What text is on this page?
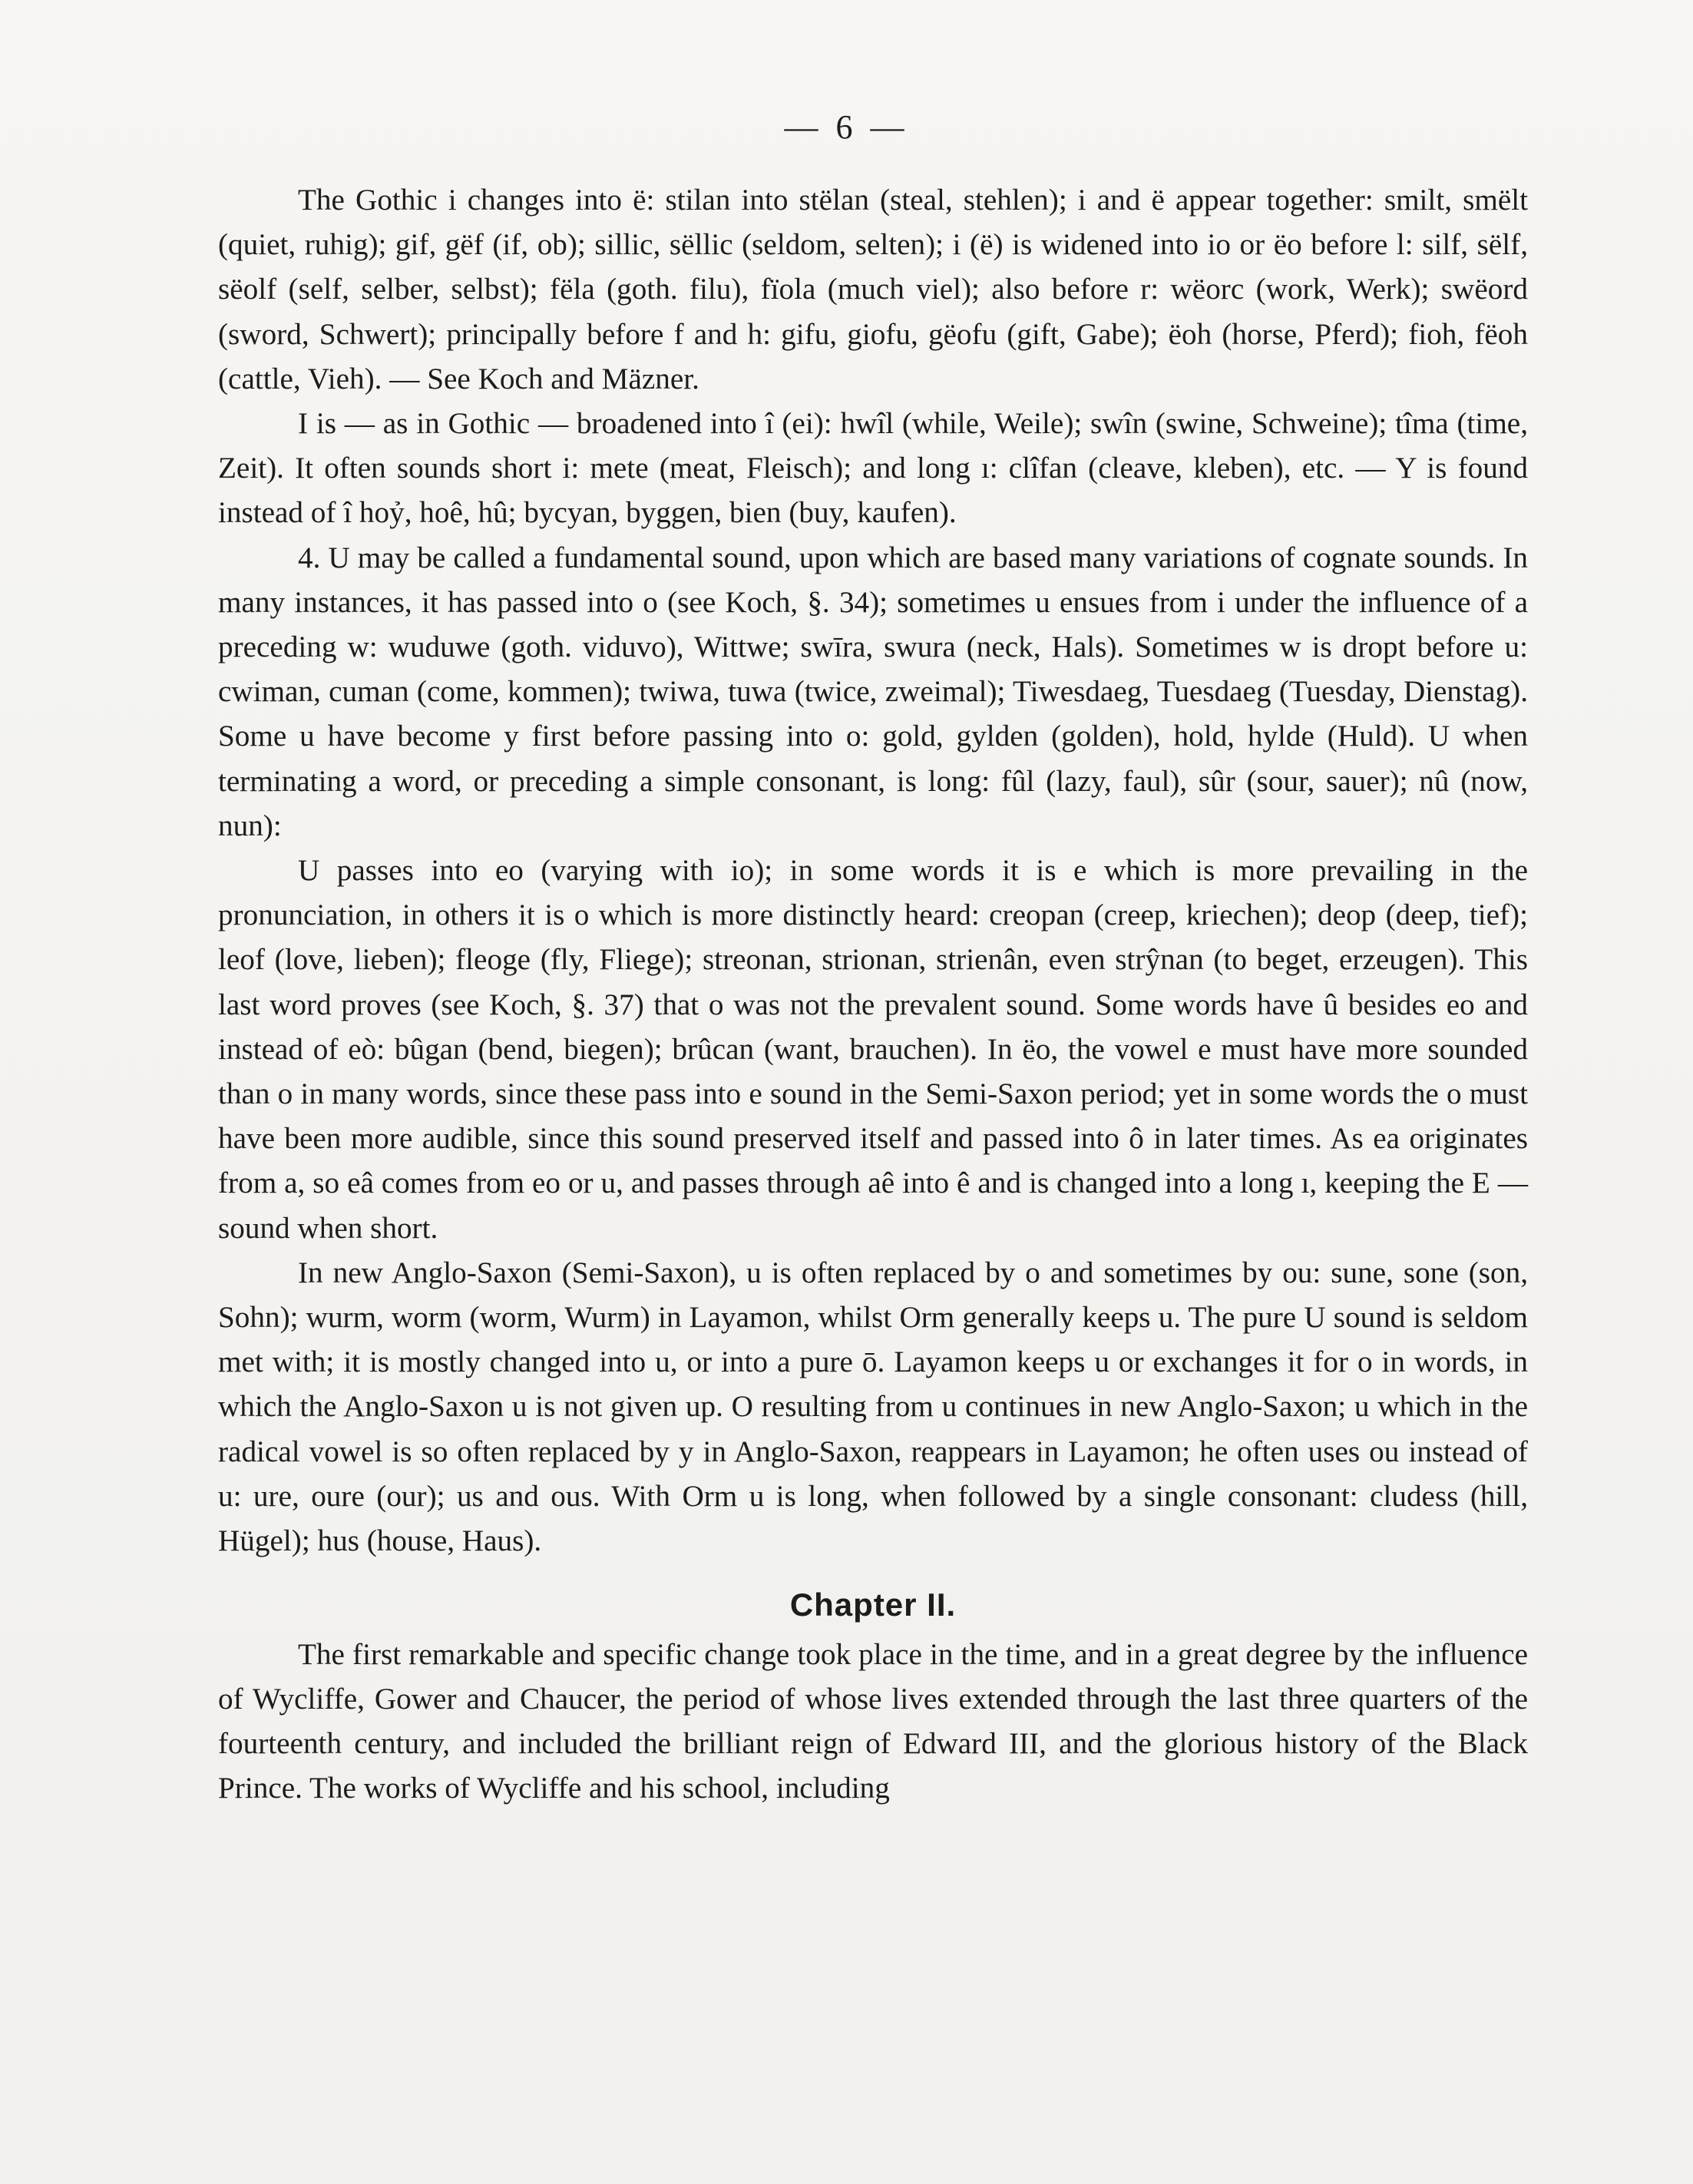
— 6 —

The Gothic i changes into ë: stilan into stëlan (steal, stehlen); i and ë appear together: smilt, smëlt (quiet, ruhig); gif, gëf (if, ob); sillic, sëllic (seldom, selten); i (ë) is widened into io or ëo before l: silf, sëlf, sëolf (self, selber, selbst); fëla (goth. filu), fïola (much viel); also before r: wëorc (work, Werk); swëord (sword, Schwert); principally before f and h: gifu, giofu, gëofu (gift, Gabe); ëoh (horse, Pferd); fioh, fëoh (cattle, Vieh). — See Koch and Mäzner.

I is — as in Gothic — broadened into î (ei): hwîl (while, Weile); swîn (swine, Schweine); tîma (time, Zeit). It often sounds short i: mete (meat, Fleisch); and long ı: clîfan (cleave, kleben), etc. — Y is found instead of î hoỷ, hoê, hû; bycyan, byggen, bien (buy, kaufen).

4. U may be called a fundamental sound, upon which are based many variations of cognate sounds. In many instances, it has passed into o (see Koch, §. 34); sometimes u ensues from i under the influence of a preceding w: wuduwe (goth. viduvo), Wittwe; swīra, swura (neck, Hals). Sometimes w is dropt before u: cwiman, cuman (come, kommen); twiwa, tuwa (twice, zweimal); Tiwesdaeg, Tuesdaeg (Tuesday, Dienstag). Some u have become y first before passing into o: gold, gylden (golden), hold, hylde (Huld). U when terminating a word, or preceding a simple consonant, is long: fûl (lazy, faul), sûr (sour, sauer); nû (now, nun):

U passes into eo (varying with io); in some words it is e which is more prevailing in the pronunciation, in others it is o which is more distinctly heard: creopan (creep, kriechen); deop (deep, tief); leof (love, lieben); fleoge (fly, Fliege); streonan, strionan, strienân, even strŷnan (to beget, erzeugen). This last word proves (see Koch, §. 37) that o was not the prevalent sound. Some words have û besides eo and instead of eò: bûgan (bend, biegen); brûcan (want, brauchen). In ëo, the vowel e must have more sounded than o in many words, since these pass into e sound in the Semi-Saxon period; yet in some words the o must have been more audible, since this sound preserved itself and passed into ô in later times. As ea originates from a, so eâ comes from eo or u, and passes through aê into ê and is changed into a long ı, keeping the E — sound when short.

In new Anglo-Saxon (Semi-Saxon), u is often replaced by o and sometimes by ou: sune, sone (son, Sohn); wurm, worm (worm, Wurm) in Layamon, whilst Orm generally keeps u. The pure U sound is seldom met with; it is mostly changed into u, or into a pure ō. Layamon keeps u or exchanges it for o in words, in which the Anglo-Saxon u is not given up. O resulting from u continues in new Anglo-Saxon; u which in the radical vowel is so often replaced by y in Anglo-Saxon, reappears in Layamon; he often uses ou instead of u: ure, oure (our); us and ous. With Orm u is long, when followed by a single consonant: cludess (hill, Hügel); hus (house, Haus).

Chapter II.

The first remarkable and specific change took place in the time, and in a great degree by the influence of Wycliffe, Gower and Chaucer, the period of whose lives extended through the last three quarters of the fourteenth century, and included the brilliant reign of Edward III, and the glorious history of the Black Prince. The works of Wycliffe and his school, including
